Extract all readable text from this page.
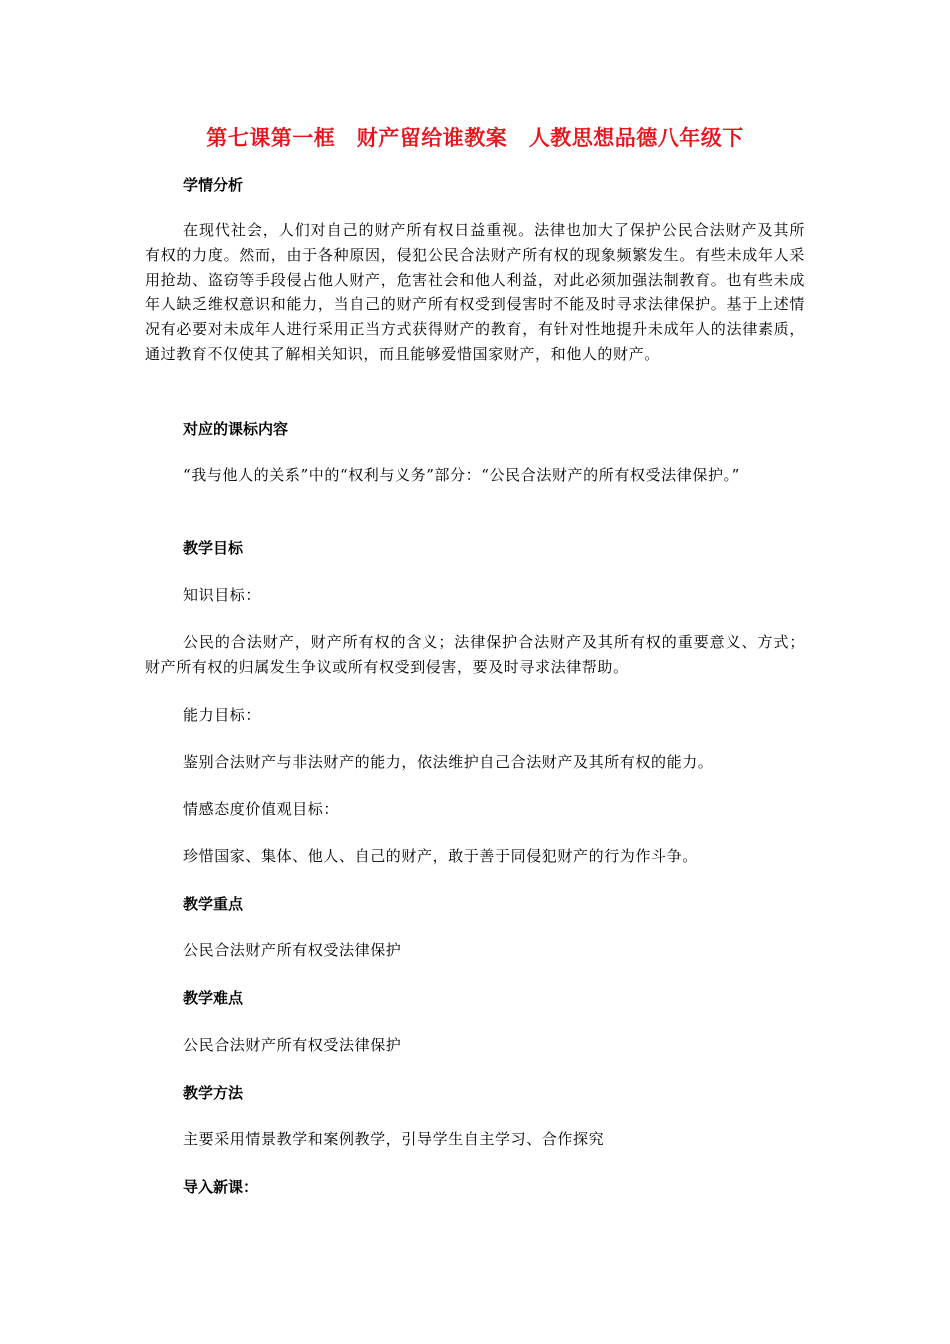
第七课第一框　财产留给谁教案　人教思想品德八年级下
学情分析
在现代社会，人们对自己的财产所有权日益重视。法律也加大了保护公民合法财产及其所有权的力度。然而，由于各种原因，侵犯公民合法财产所有权的现象频繁发生。有些未成年人采用抢劫、盗窃等手段侵占他人财产，危害社会和他人利益，对此必须加强法制教育。也有些未成年人缺乏维权意识和能力，当自己的财产所有权受到侵害时不能及时寻求法律保护。基于上述情况有必要对未成年人进行采用正当方式获得财产的教育，有针对性地提升未成年人的法律素质，通过教育不仅使其了解相关知识，而且能够爱惜国家财产，和他人的财产。
对应的课标内容
“我与他人的关系”中的“权利与义务”部分：“公民合法财产的所有权受法律保护。”
教学目标
知识目标：
公民的合法财产，财产所有权的含义；法律保护合法财产及其所有权的重要意义、方式；财产所有权的归属发生争议或所有权受到侵害，要及时寻求法律帮助。
能力目标：
鉴别合法财产与非法财产的能力，依法维护自己合法财产及其所有权的能力。
情感态度价值观目标：
珍惜国家、集体、他人、自己的财产，敢于善于同侵犯财产的行为作斗争。
教学重点
公民合法财产所有权受法律保护
教学难点
公民合法财产所有权受法律保护
教学方法
主要采用情景教学和案例教学，引导学生自主学习、合作探究
导入新课：
